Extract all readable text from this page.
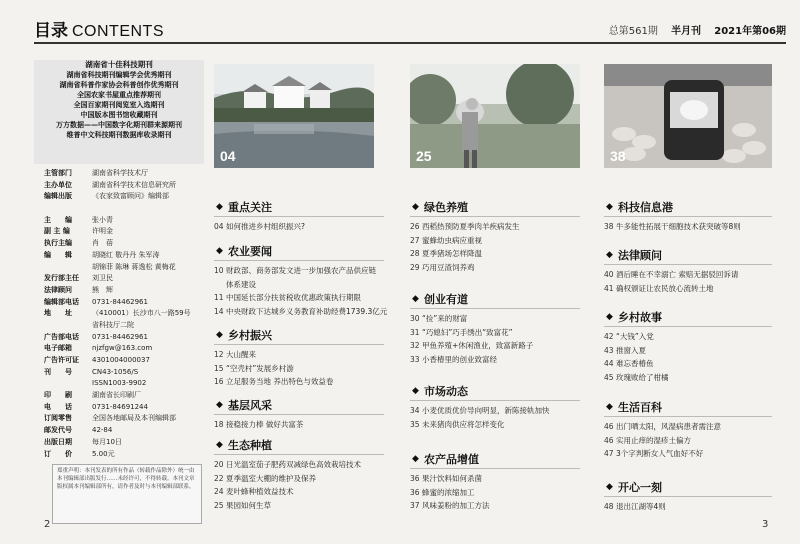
目录 CONTENTS	总第561期 半月刊 2021年第06期
湖南省十佳科技期刊
湖南省科技期刊编辑学会优秀期刊
湖南省科普作家协会科普创作优秀期刊
全国农家书屋重点推荐期刊
全国百家期刊阅览室入选期刊
中国版本图书馆收藏期刊
万方数据——中国数字化期刊群来源期刊
维普中文科技期刊数据库收录期刊
主管部门	湖南省科学技术厅
主办单位	湖南省科学技术信息研究所
编辑出版	《农家致富顾问》编辑部
主　　编	张小青
副 主 编	许明金
执行主编	肖　蓓
编　　辑	胡晓红 敬丹丹 朱军涛
胡锦菲 陈琳 蒋逸松 黄梅花
发行部主任	刘卫民
法律顾问	熊　辉
编辑部电话	0731-84462961
地　　址	（410001）长沙市八一路59号
省科技厅二院
广告部电话	0731-84462961
电子邮箱	njzfgw@163.com
广告许可证	4301004000037
刊　　号	CN43-1056/S
ISSN1003-9902
印　　刷	湖南省长印刷厂
电　　话	0731-84691244
订阅零售	全国各地邮局及本刊编辑部
邮发代号	42-84
出版日期	每月10日
订　　价	5.00元
郑重声明：本刊发表的所有作品（转载作品除外）统一由本刊编辑部出版发行……未经许可，不得转载。本刊文章版权属本刊编辑部所有，请作者及时与本刊编辑部联系。
2	3
04	25	38
◆ 重点关注
04 如何推进乡村组织振兴?
◆ 农业要闻
10 财政部、商务部发文进一步加强农产品供应链
体系建设
11 中国延长部分扶贫税收优惠政策执行期限
14 中央财政下达城乡义务教育补助经费1739.3亿元
◆ 乡村振兴
12 大山醒来
15 “空壳村”发展乡村游
16 立足服务当地 养出特色与效益卷
◆ 基层风采
18 接稳接力棒 做好共富茶
◆ 生态种植
20 日光温室茄子肥药双减绿色高效栽培技术
22 夏季温室大棚的维护及保养
24 麦叶蜂种植效益技术
25 果园如何生草
◆ 绿色养殖
26 西稻热预防夏季肉羊疾病发生
27 蜜蜂幼虫病应重视
28 夏季猪场怎样降温
29 巧用豆渣饲养鸡
◆ 创业有道
30 “捡”来的财富
31 “巧媳妇”巧手绣出“致富花”
32 甲鱼养殖+休闲渔业，致富新路子
33 小香椿里的创业致富经
◆ 市场动态
34 小麦优质优价导向明显，新陈接轨加快
35 未来猪肉供应将怎样变化
◆ 农产品增值
36 果汁饮料如何杀菌
36 蜂蜜的浓缩加工
37 风味姜粉的加工方法
◆ 科技信息港
38 牛多能性拓展干细胞技术获突破等8则
◆ 法律顾问
40 酒后睡在不幸溺亡 索赔无据驳回诉请
41 确权颁证让农民放心流转土地
◆ 乡村故事
42 “大钱”入党
43 推窗入夏
44 难忘香椿鱼
45 玫瑰败给了柑橘
◆ 生活百科
46 出门晒太阳，风湿病患者需注意
46 实用止痒的湿疹土偏方
47 3个字判断女人气血好不好
◆ 开心一刻
48 退出江湖等4则
